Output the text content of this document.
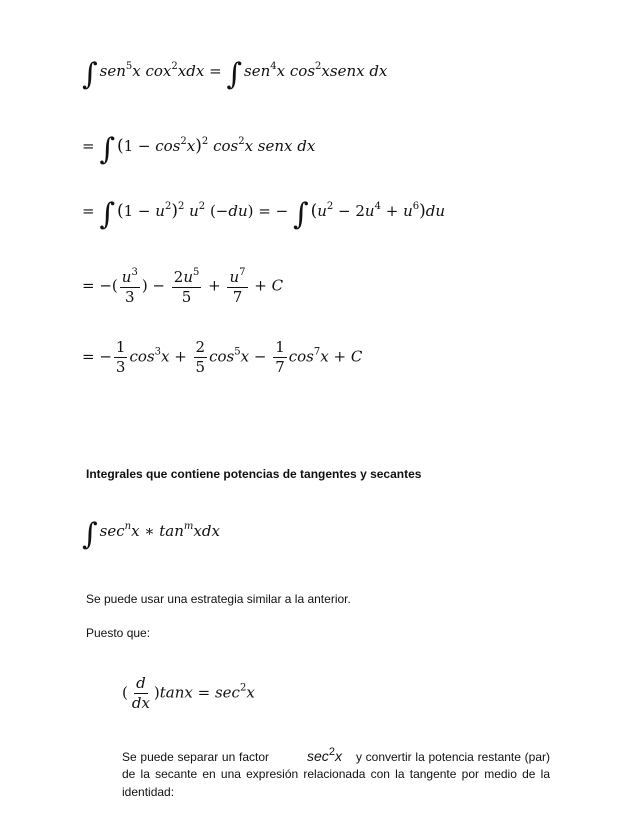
∫ sen$^5$x cox$^2$xdx = ∫ sen$^4$x $\cos^2xsenx$ dx
= ∫ $(1 - \cos^2x)^2$ $\cos^2x$ senx dx
= ∫ $(1 - u^2)^2$ $u^2$ (−du) = − ∫ $(u^2 - 2u^4 + u^6)du$
= −( $\frac{u^3}{3}$ ) − $\frac{2u^5}{5} + \frac{u^7}{7} + C$
= − $\frac{1}{3} \cos^3x + \frac{2}{5} \cos^5x - \frac{1}{7} \cos^7x + C$
Integrales que contiene potencias de tangentes y secantes
∫ $\sec^nx$ ∗ $\tan^mxdx$
Se puede usar una estrategia similar a la anterior.
Puesto que:
( $\frac{d}{dx} )\tan x = \sec^2x$
Se puede separar un factor	$\sec^2x$ y convertir la potencia restante (par) de la secante en una expresión relacionada con la tangente por medio de la identidad:
